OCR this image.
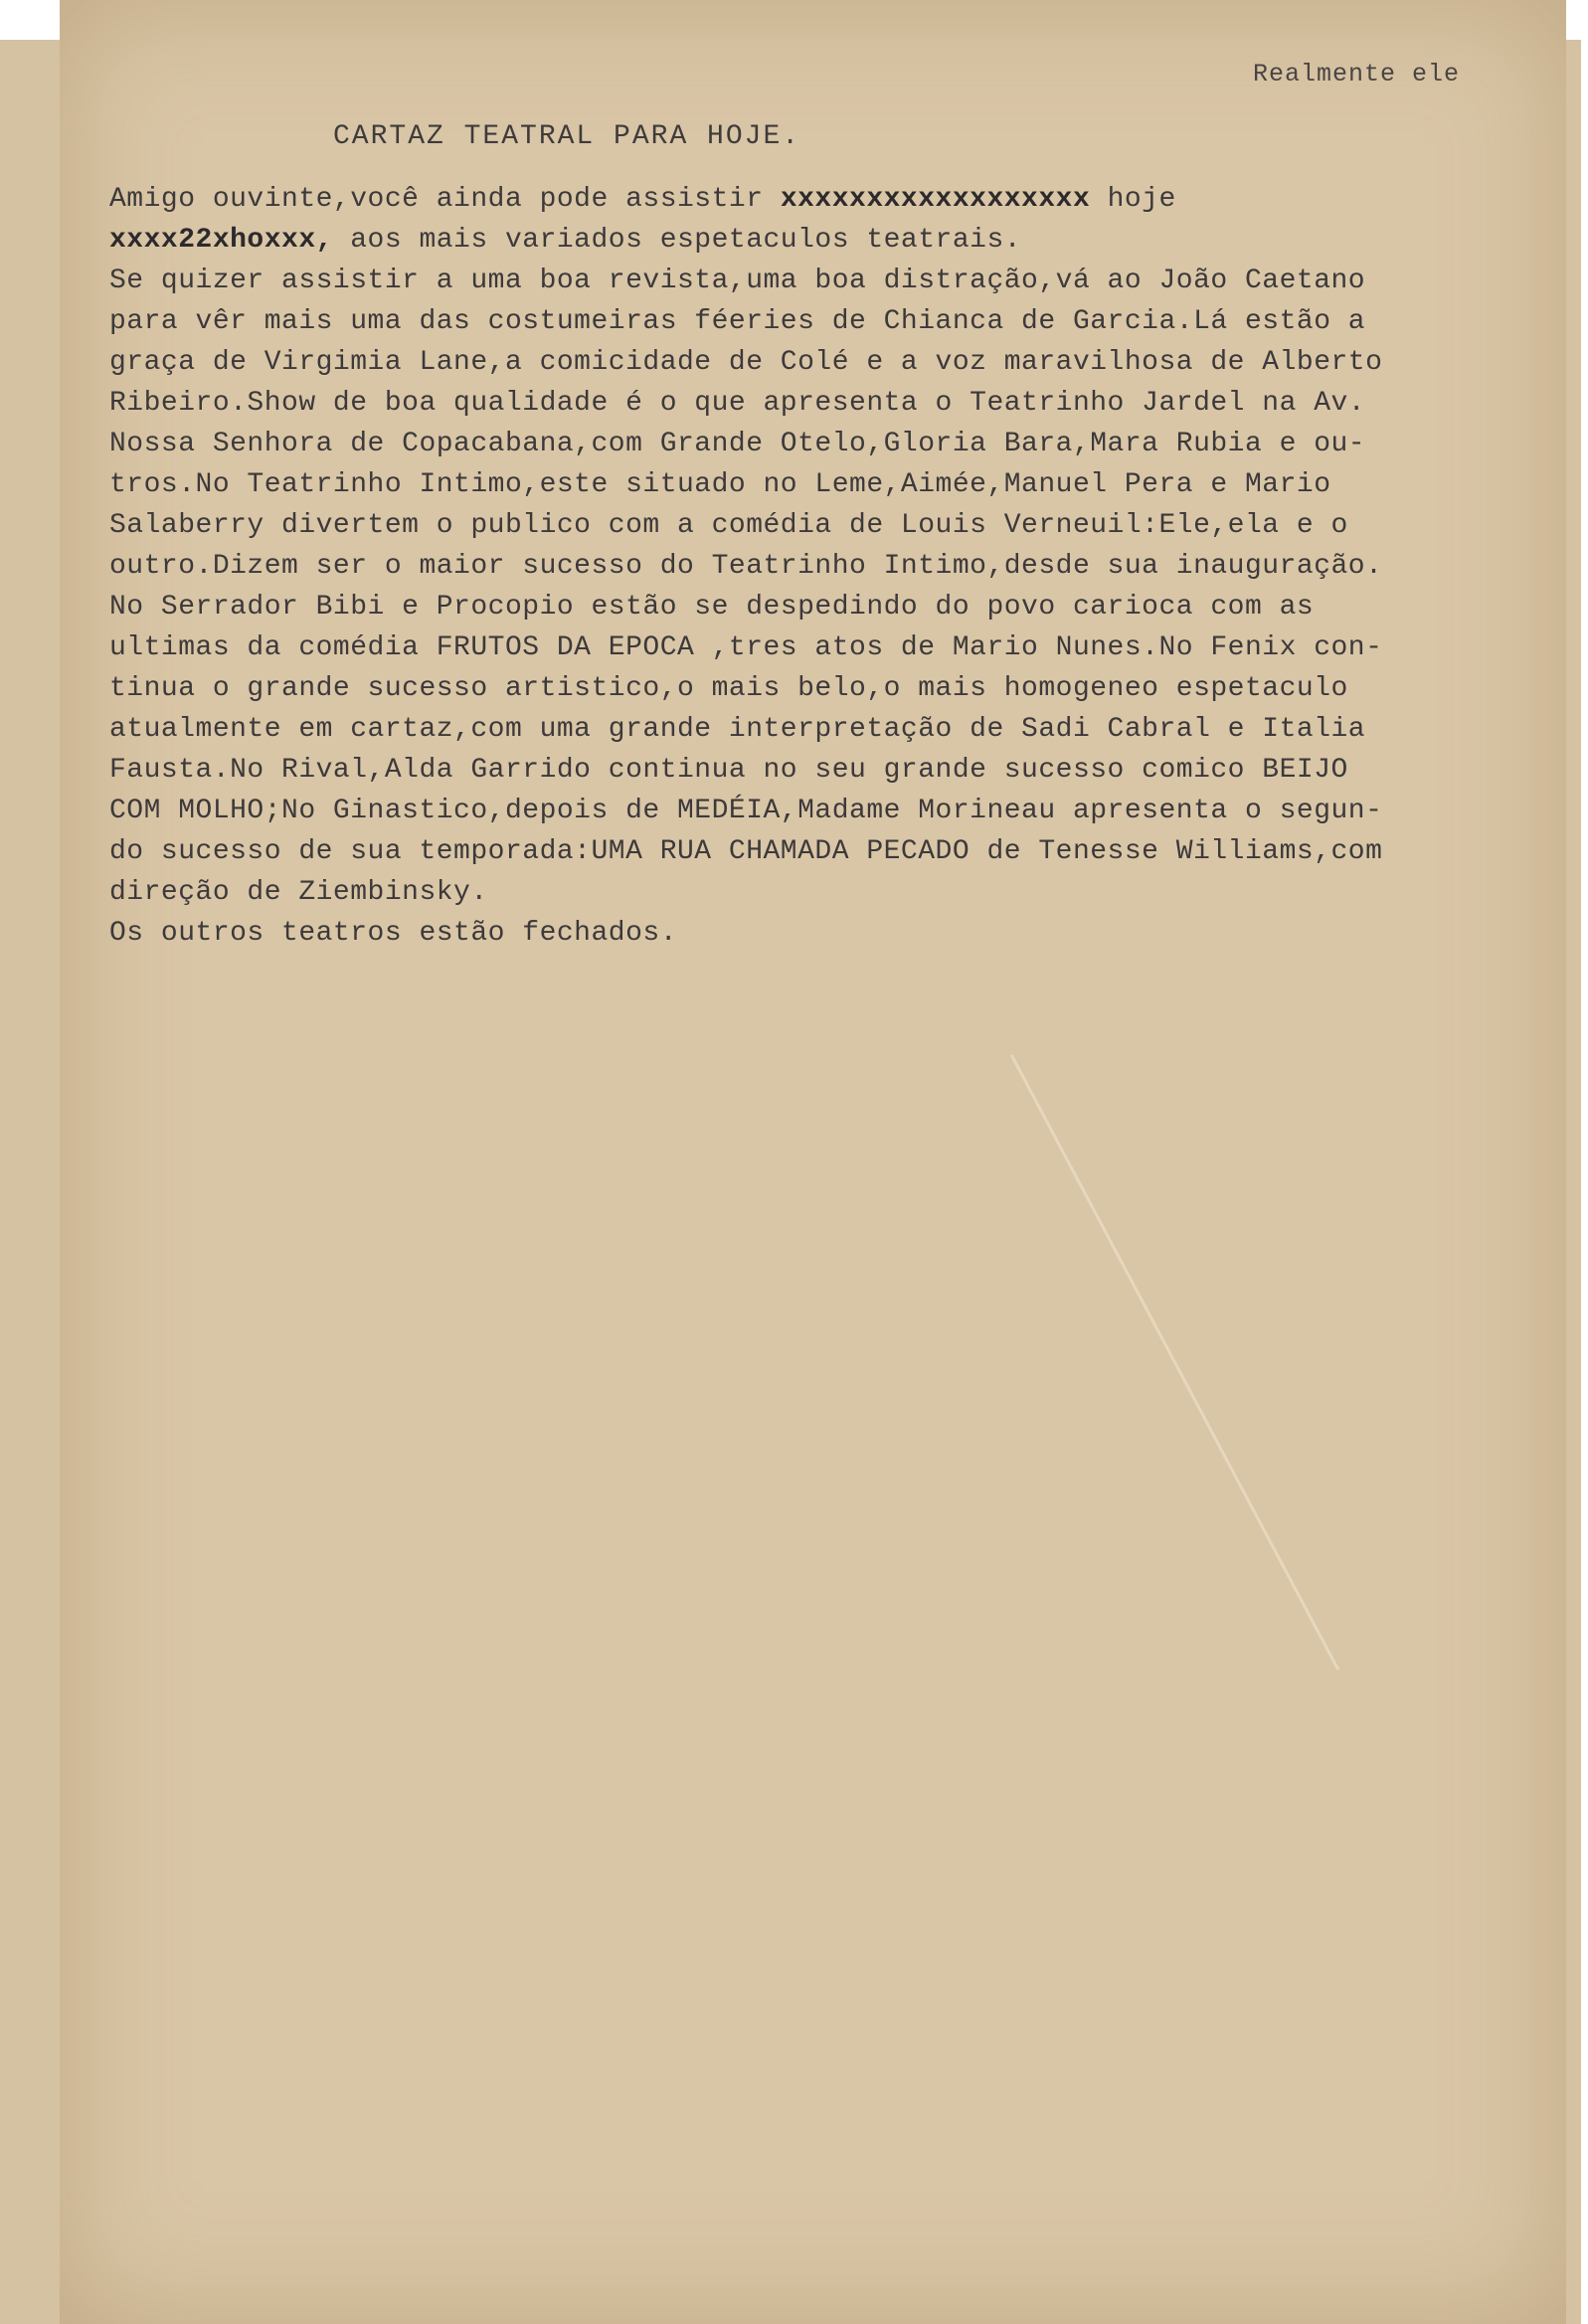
Realmente ele
CARTAZ TEATRAL PARA HOJE.
Amigo ouvinte,você ainda pode assistir xxxxxxxxxxxxxxxxxx hoje
xxxx22xhoxxx, aos mais variados espetaculos teatrais.
Se quizer assistir a uma boa revista,uma boa distração,vá ao João Caetano
para vêr mais uma das costumeiras féeries de Chianca de Garcia.Lá estão a
graça de Virgimia Lane,a comicidade de Colé e a voz maravilhosa de Alberto
Ribeiro.Show de boa qualidade é o que apresenta o Teatrinho Jardel na Av.
Nossa Senhora de Copacabana,com Grande Otelo,Gloria Bara,Mara Rubia e ou-
tros.No Teatrinho Intimo,este situado no Leme,Aimée,Manuel Pera e Mario
Salaberry divertem o publico com a comédia de Louis Verneuil:Ele,ela e o
outro.Dizem ser o maior sucesso do Teatrinho Intimo,desde sua inauguração.
No Serrador Bibi e Procopio estão se despedindo do povo carioca com as
ultimas da comédia FRUTOS DA EPOCA ,tres atos de Mario Nunes.No Fenix con-
tinua o grande sucesso artistico,o mais belo,o mais homogeneo espetaculo
atualmente em cartaz,com uma grande interpretação de Sadi Cabral e Italia
Fausta.No Rival,Alda Garrido continua no seu grande sucesso comico BEIJO
COM MOLHO;No Ginastico,depois de MEDÉIA,Madame Morineau apresenta o segun-
do sucesso de sua temporada:UMA RUA CHAMADA PECADO de Tenesse Williams,com
direção de Ziembinsky.
Os outros teatros estão fechados.
